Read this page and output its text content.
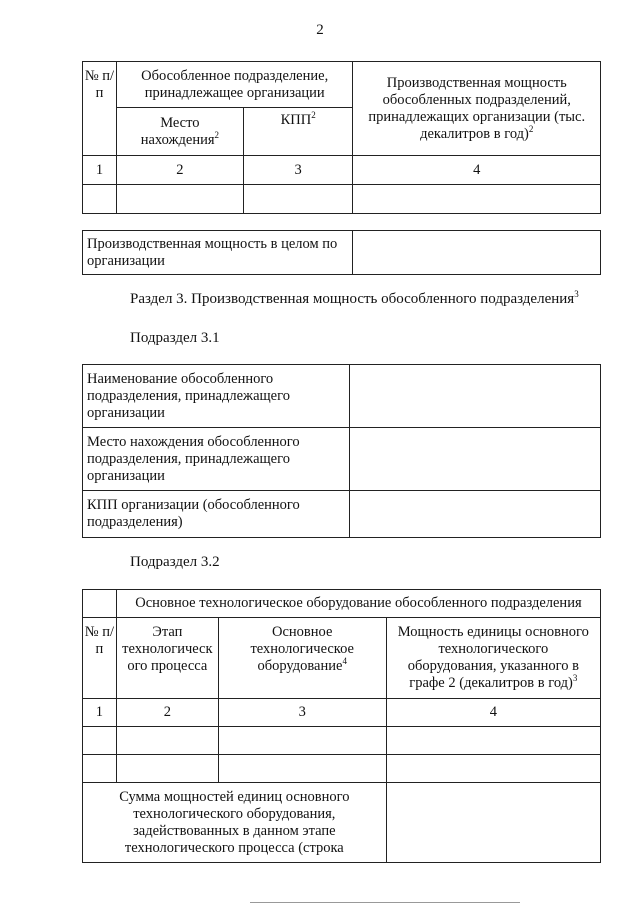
2
№ п/п	Обособленное подразделение, принадлежащее организации		Производственная мощность обособленных подразделений, принадлежащих организации (тыс. декалитров в год)$^2$
	Место нахождения$^2$	КПП$^2$
1	2	3	4

Производственная мощность в целом по организации	
Раздел 3. Производственная мощность обособленного подразделения$^3$
Подраздел 3.1
Наименование обособленного подразделения, принадлежащего организации	
Место нахождения обособленного подразделения, принадлежащего организации	
КПП организации (обособленного подразделения)	
Подраздел 3.2
	Основное технологическое оборудование обособленного подразделения		
№ п/п	Этап технологическ ого процесса	Основное технологическое оборудование$^4$	Мощность единицы основного технологического оборудования, указанного в графе 2 (декалитров в год)$^3$
1	2	3	4

Сумма мощностей единиц основного технологического оборудования, задействованных в данном этапе технологического процесса (строка			
